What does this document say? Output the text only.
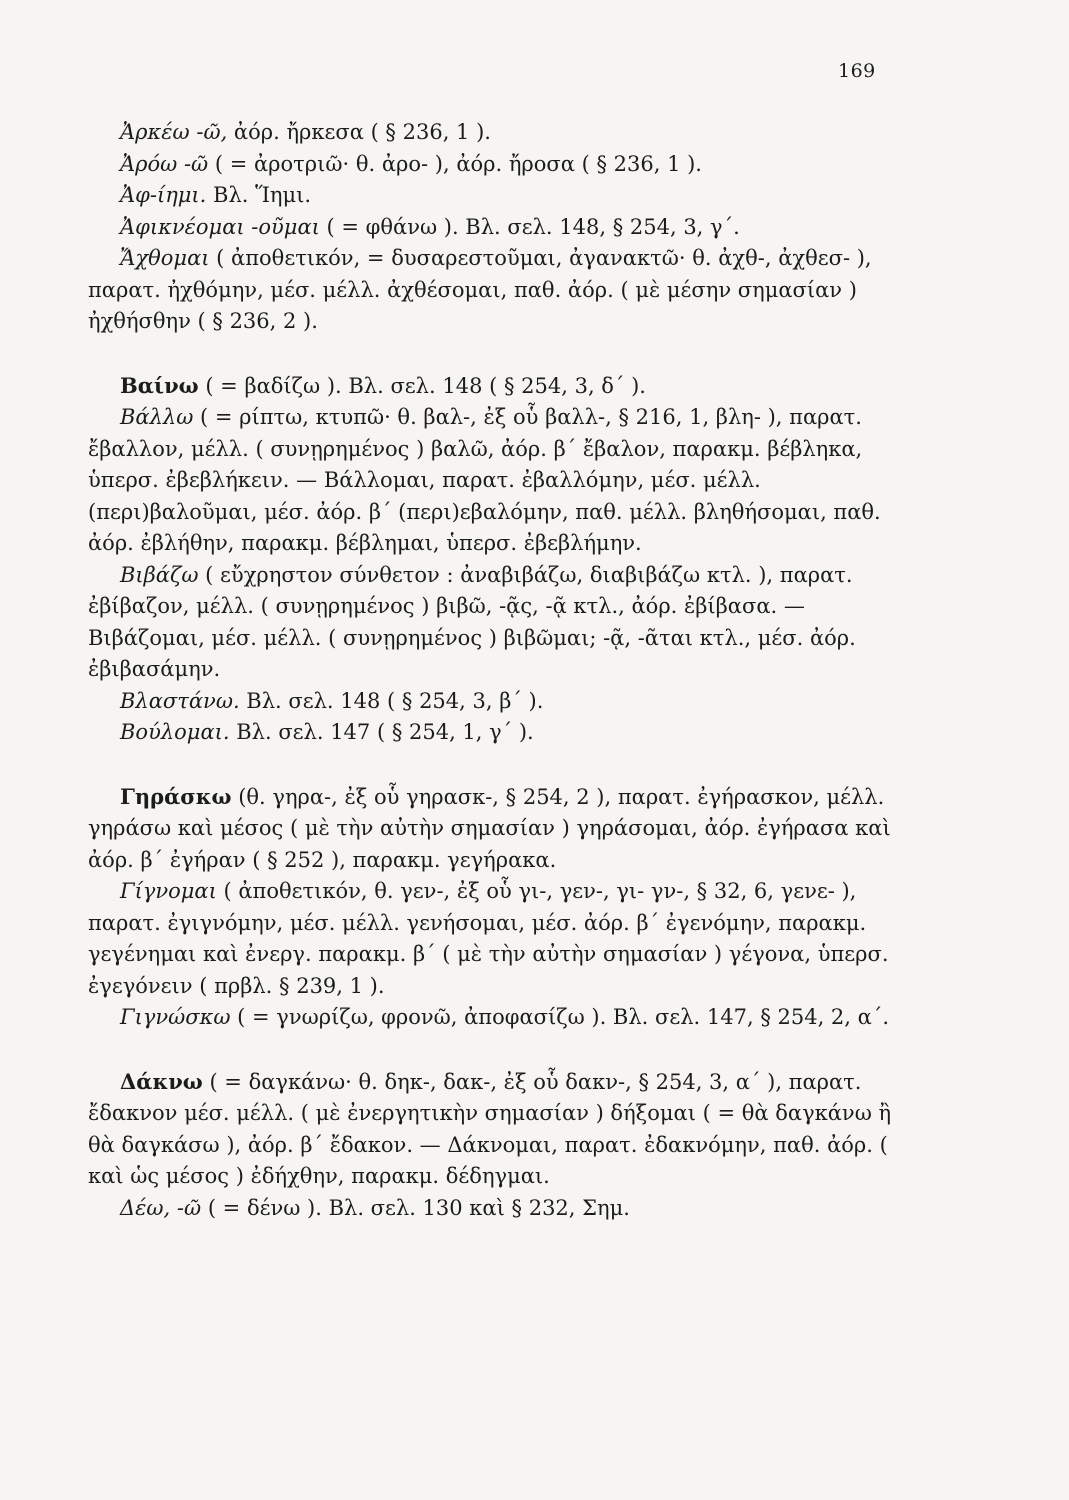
169

Ἀρκέω -ῶ, ἀόρ. ἤρκεσα ( § 236, 1 ).

Ἀρόω -ῶ ( = ἀροτριῶ· θ. ἀρο- ), ἀόρ. ἤροσα ( § 236, 1 ).

Ἀφ-ίημι. Βλ. Ἵημι.

Ἀφικνέομαι -οῦμαι ( = φθάνω ). Βλ. σελ. 148, § 254, 3, γ΄.

Ἄχθομαι ( ἀποθετικόν, = δυσαρεστοῦμαι, ἀγανακτῶ· θ. ἀχθ-, ἀχθεσ- ), παρατ. ἠχθόμην, μέσ. μέλλ. ἀχθέσομαι, παθ. ἀόρ. ( μὲ μέσην σημασίαν ) ἠχθήσθην ( § 236, 2 ).

Βαίνω ( = βαδίζω ). Βλ. σελ. 148 ( § 254, 3, δ΄ ).

Βάλλω ( = ρίπτω, κτυπῶ· θ. βαλ-, ἐξ οὗ βαλλ-, § 216, 1, βλη- ), παρατ. ἔβαλλον, μέλλ. ( συνῃρημένος ) βαλῶ, ἀόρ. β΄ ἔβαλον, παρακμ. βέβληκα, ὑπερσ. ἐβεβλήκειν. — Βάλλομαι, παρατ. ἐβαλλόμην, μέσ. μέλλ. (περι)βαλοῦμαι, μέσ. ἀόρ. β΄ (περι)εβαλόμην, παθ. μέλλ. βληθήσομαι, παθ. ἀόρ. ἐβλήθην, παρακμ. βέβλημαι, ὑπερσ. ἐβεβλήμην.

Βιβάζω ( εὔχρηστον σύνθετον : ἀναβιβάζω, διαβιβάζω κτλ. ), παρατ. ἐβίβαζον, μέλλ. ( συνῃρημένος ) βιβῶ, -ᾷς, -ᾷ κτλ., ἀόρ. ἐβίβασα. — Βιβάζομαι, μέσ. μέλλ. ( συνῃρημένος ) βιβῶμαι; -ᾷ, -ᾶται κτλ., μέσ. ἀόρ. ἐβιβασάμην.

Βλαστάνω. Βλ. σελ. 148 ( § 254, 3, β΄ ).

Βούλομαι. Βλ. σελ. 147 ( § 254, 1, γ΄ ).

Γηράσκω (θ. γηρα-, ἐξ οὗ γηρασκ-, § 254, 2 ), παρατ. ἐγήρασκον, μέλλ. γηράσω καὶ μέσος ( μὲ τὴν αὐτὴν σημασίαν ) γηράσομαι, ἀόρ. ἐγήρασα καὶ ἀόρ. β΄ ἐγήραν ( § 252 ), παρακμ. γεγήρακα.

Γίγνομαι ( ἀποθετικόν, θ. γεν-, ἐξ οὗ γι-, γεν-, γι- γν-, § 32, 6, γενε- ), παρατ. ἐγιγνόμην, μέσ. μέλλ. γενήσομαι, μέσ. ἀόρ. β΄ ἐγενόμην, παρακμ. γεγένημαι καὶ ἐνεργ. παρακμ. β΄ ( μὲ τὴν αὐτὴν σημασίαν ) γέγονα, ὑπερσ. ἐγεγόνειν ( πρβλ. § 239, 1 ).

Γιγνώσκω ( = γνωρίζω, φρονῶ, ἀποφασίζω ). Βλ. σελ. 147, § 254, 2, α΄.

Δάκνω ( = δαγκάνω· θ. δηκ-, δακ-, ἐξ οὗ δακν-, § 254, 3, α΄ ), παρατ. ἔδακνον μέσ. μέλλ. ( μὲ ἐνεργητικὴν σημασίαν ) δήξομαι ( = θὰ δαγκάνω ἢ θὰ δαγκάσω ), ἀόρ. β΄ ἔδακον. — Δάκνομαι, παρατ. ἐδακνόμην, παθ. ἀόρ. ( καὶ ὡς μέσος ) ἐδήχθην, παρακμ. δέδηγμαι.

Δέω, -ῶ ( = δένω ). Βλ. σελ. 130 καὶ § 232, Σημ.
